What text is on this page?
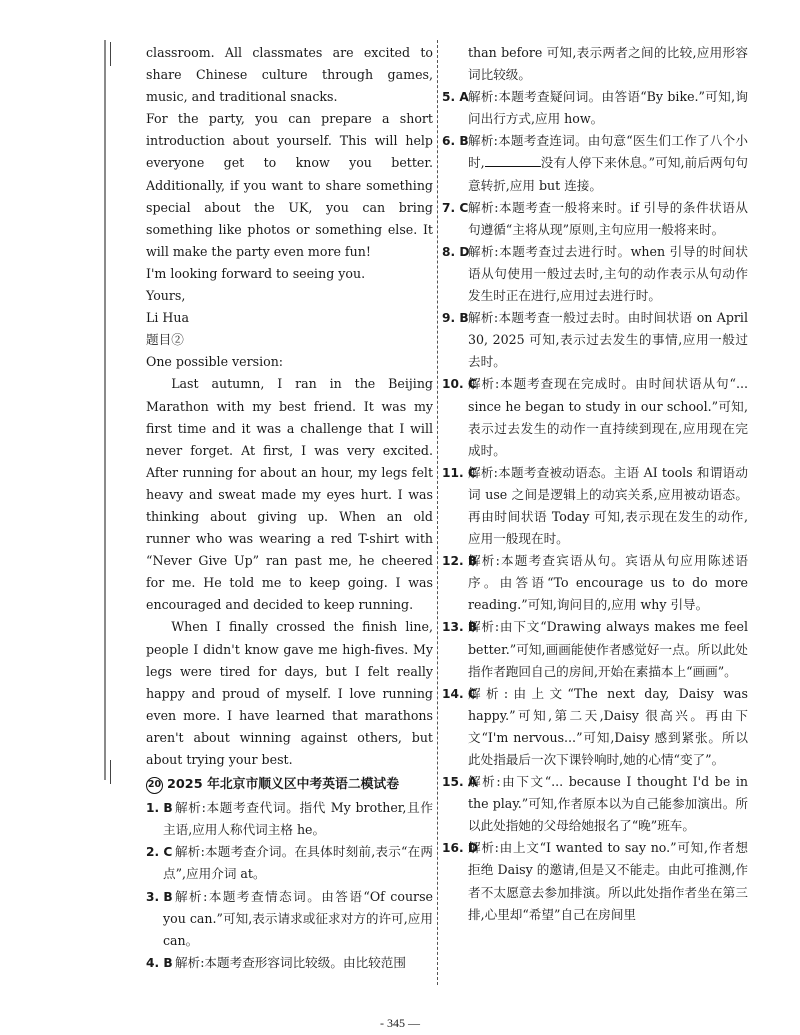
classroom. All classmates are excited to share Chinese culture through games, music, and traditional snacks.

For the party, you can prepare a short introduction about yourself. This will help everyone get to know you better. Additionally, if you want to share something special about the UK, you can bring something like photos or something else. It will make the party even more fun!

I'm looking forward to seeing you.

Yours,

Li Hua

题目②

One possible version:

Last autumn, I ran in the Beijing Marathon with my best friend. It was my first time and it was a challenge that I will never forget. At first, I was very excited. After running for about an hour, my legs felt heavy and sweat made my eyes hurt. I was thinking about giving up. When an old runner who was wearing a red T-shirt with “Never Give Up” ran past me, he cheered for me. He told me to keep going. I was encouraged and decided to keep running.

When I finally crossed the finish line, people I didn't know gave me high-fives. My legs were tired for days, but I felt really happy and proud of myself. I love running even more. I have learned that marathons aren't about winning against others, but about trying your best.

20 2025 年北京市顺义区中考英语二模试卷
1. B 解析:本题考查代词。指代 My brother,且作主语,应用人称代词主格 he。
2. C 解析:本题考查介词。在具体时刻前,表示“在两点”,应用介词 at。
3. B 解析:本题考查情态词。由答语“Of course you can.”可知,表示请求或征求对方的许可,应用 can。
4. B 解析:本题考查形容词比较级。由比较范围

than before 可知,表示两者之间的比较,应用形容词比较级。

5. A 解析:本题考查疑问词。由答语“By bike.”可知,询问出行方式,应用 how。
6. B 解析:本题考查连词。由句意“医生们工作了八个小时,	没有人停下来休息。”可知,前后两句句意转折,应用 but 连接。
7. C 解析:本题考查一般将来时。if 引导的条件状语从句遵循“主将从现”原则,主句应用一般将来时。
8. D
解析:本题考查过去进行时。when 引导的时间状语从句使用一般过去时,主句的动作表示从句动作发生时正在进行,应用过去进行时。
9. B 解析:本题考查一般过去时。由时间状语 on April 30, 2025 可知,表示过去发生的事情,应用一般过去时。
10. C
解析:本题考查现在完成时。由时间状语从句“... since he began to study in our school.”可知,表示过去发生的动作一直持续到现在,应用现在完成时。
11. C
解析:本题考查被动语态。主语 AI tools 和谓语动词 use 之间是逻辑上的动宾关系,应用被动语态。再由时间状语 Today 可知,表示现在发生的动作,应用一般现在时。
12. B
解析:本题考查宾语从句。宾语从句应用陈述语序。由答语“To encourage us to do more reading.”可知,询问目的,应用 why 引导。
13. B
解析:由下文“Drawing always makes me feel better.”可知,画画能使作者感觉好一点。所以此处指作者跑回自己的房间,开始在素描本上“画画”。
14. C
解析:由上文“The next day, Daisy was happy.”可知,第二天,Daisy 很高兴。再由下文“I'm nervous...”可知,Daisy 感到紧张。所以此处指最后一次下课铃响时,她的心情“变了”。
15. A
解析:由下文“... because I thought I'd be in the play.”可知,作者原本以为自己能参加演出。所以此处指她的父母给她报名了“晚”班车。
16. D
解析:由上文“I wanted to say no.”可知,作者想拒绝 Daisy 的邀请,但是又不能走。由此可推测,作者不太愿意去参加排演。所以此处指作者坐在第三排,心里却“希望”自己在房间里
- 345 —
